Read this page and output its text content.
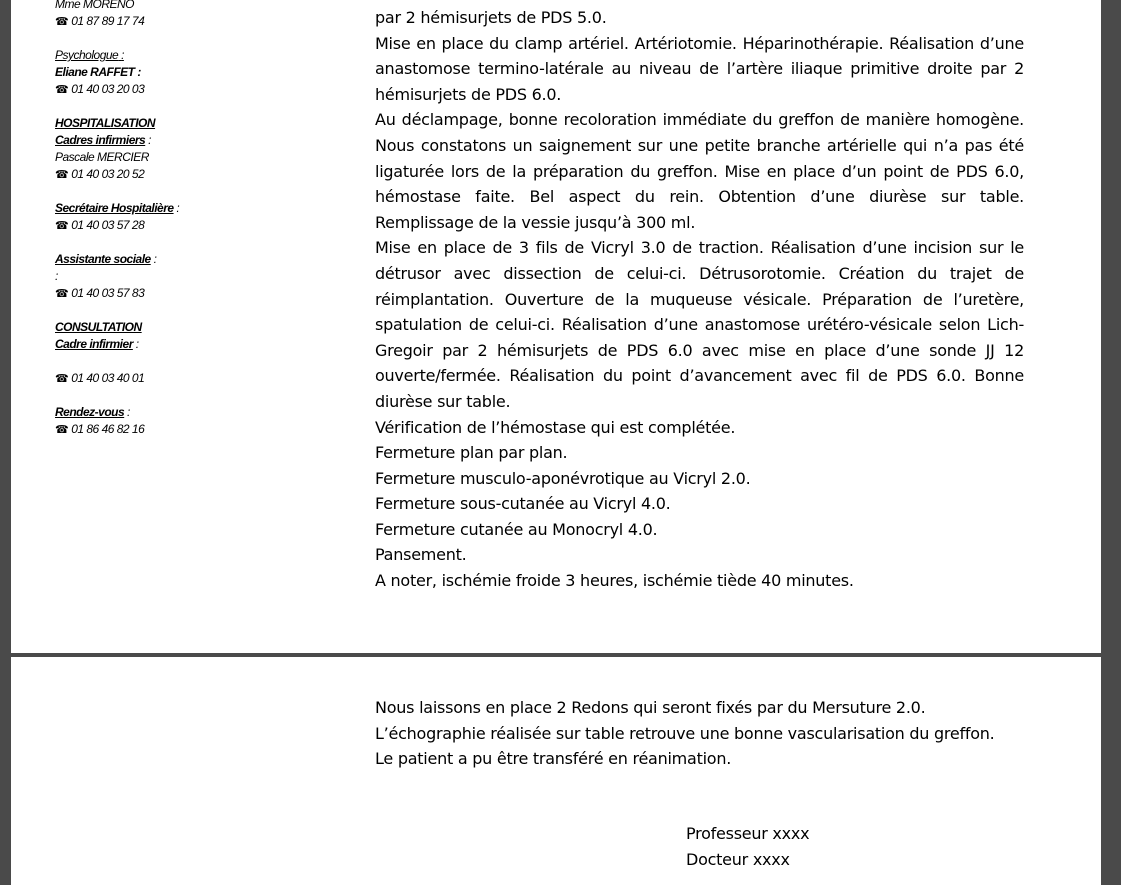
Mme MORENO
☎ 01 87 89 17 74
Psychologue :
Eliane RAFFET :
☎ 01 40 03 20 03
HOSPITALISATION
Cadres infirmiers :
Pascale MERCIER
☎ 01 40 03 20 52
Secrétaire Hospitalière :
☎ 01 40 03 57 28
Assistante sociale :
:
☎ 01 40 03 57 83
CONSULTATION
Cadre infirmier :
☎ 01 40 03 40 01
Rendez-vous :
☎ 01 86 46 82 16

par 2 hémisurjets de PDS 5.0.

Mise en place du clamp artériel. Artériotomie. Héparinothérapie. Réalisation d’une anastomose termino-latérale au niveau de l’artère iliaque primitive droite par 2 hémisurjets de PDS 6.0.

Au déclampage, bonne recoloration immédiate du greffon de manière homogène. Nous constatons un saignement sur une petite branche artérielle qui n’a pas été ligaturée lors de la préparation du greffon. Mise en place d’un point de PDS 6.0, hémostase faite. Bel aspect du rein. Obtention d’une diurèse sur table. Remplissage de la vessie jusqu’à 300 ml.

Mise en place de 3 fils de Vicryl 3.0 de traction. Réalisation d’une incision sur le détrusor avec dissection de celui-ci. Détrusorotomie. Création du trajet de réimplantation. Ouverture de la muqueuse vésicale. Préparation de l’uretère, spatulation de celui-ci. Réalisation d’une anastomose urétéro-vésicale selon Lich-Gregoir par 2 hémisurjets de PDS 6.0 avec mise en place d’une sonde JJ 12 ouverte/fermée. Réalisation du point d’avancement avec fil de PDS 6.0. Bonne diurèse sur table.

Vérification de l’hémostase qui est complétée.

Fermeture plan par plan.

Fermeture musculo-aponévrotique au Vicryl 2.0.

Fermeture sous-cutanée au Vicryl 4.0.

Fermeture cutanée au Monocryl 4.0.

Pansement.

A noter, ischémie froide 3 heures, ischémie tiède 40 minutes.

Nous laissons en place 2 Redons qui seront fixés par du Mersuture 2.0.

L’échographie réalisée sur table retrouve une bonne vascularisation du greffon.

Le patient a pu être transféré en réanimation.

Professeur xxxx
Docteur xxxx
